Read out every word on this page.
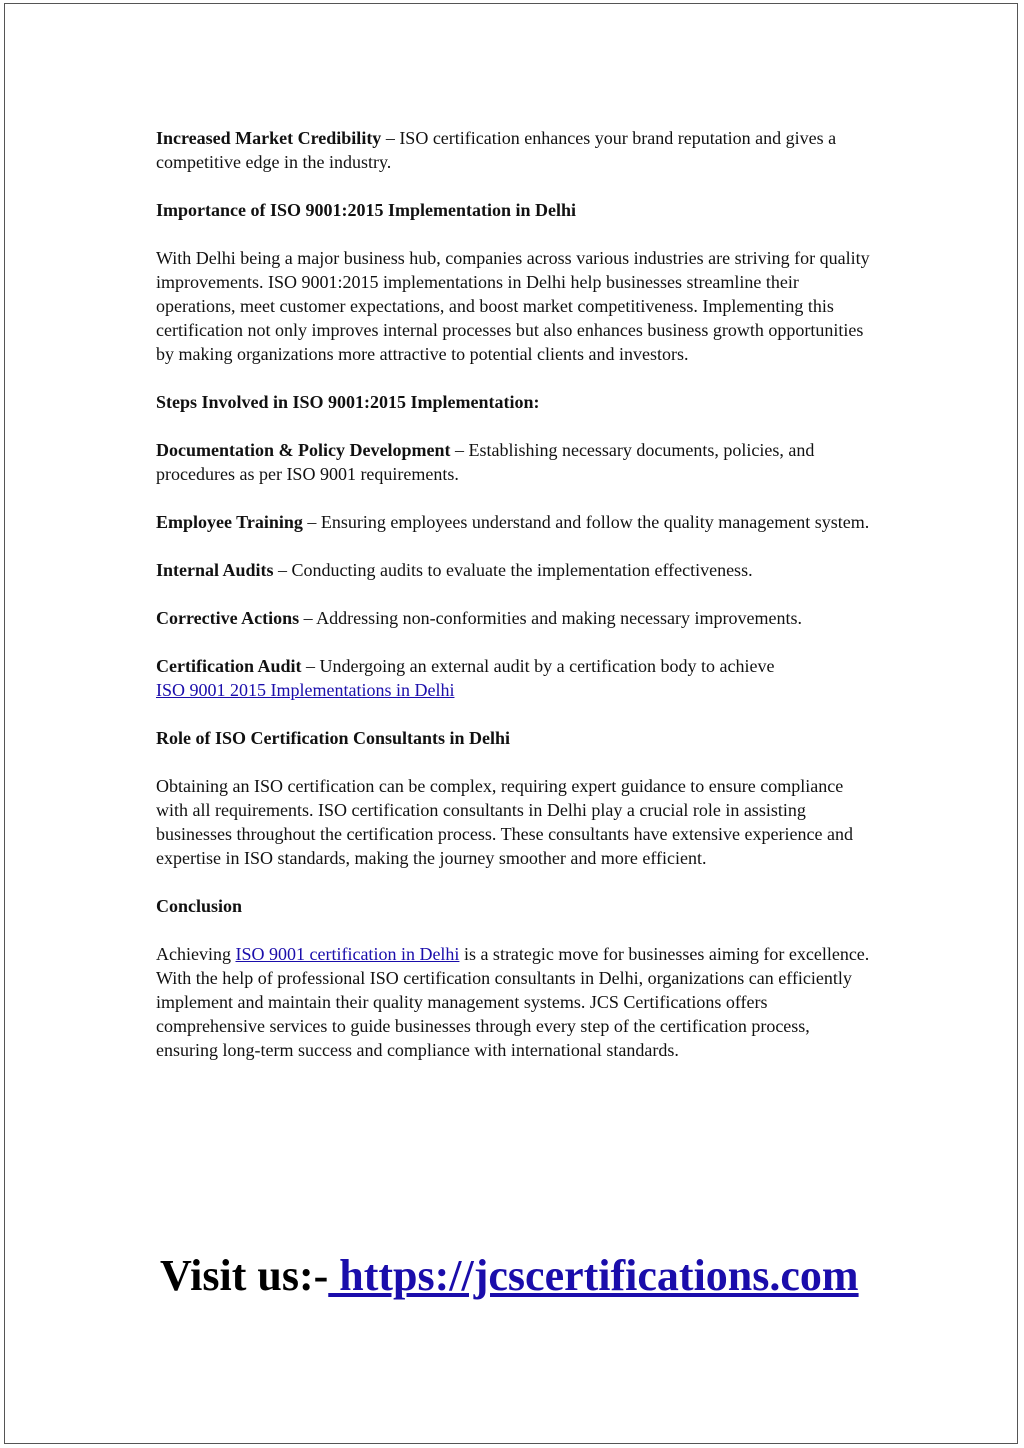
Increased Market Credibility – ISO certification enhances your brand reputation and gives a competitive edge in the industry.

Importance of ISO 9001:2015 Implementation in Delhi

With Delhi being a major business hub, companies across various industries are striving for quality improvements. ISO 9001:2015 implementations in Delhi help businesses streamline their operations, meet customer expectations, and boost market competitiveness. Implementing this certification not only improves internal processes but also enhances business growth opportunities by making organizations more attractive to potential clients and investors.

Steps Involved in ISO 9001:2015 Implementation:

Documentation & Policy Development – Establishing necessary documents, policies, and procedures as per ISO 9001 requirements.

Employee Training – Ensuring employees understand and follow the quality management system.

Internal Audits – Conducting audits to evaluate the implementation effectiveness.

Corrective Actions – Addressing non-conformities and making necessary improvements.

Certification Audit – Undergoing an external audit by a certification body to achieve
ISO 9001 2015 Implementations in Delhi

Role of ISO Certification Consultants in Delhi

Obtaining an ISO certification can be complex, requiring expert guidance to ensure compliance with all requirements. ISO certification consultants in Delhi play a crucial role in assisting businesses throughout the certification process. These consultants have extensive experience and expertise in ISO standards, making the journey smoother and more efficient.

Conclusion

Achieving ISO 9001 certification in Delhi is a strategic move for businesses aiming for excellence. With the help of professional ISO certification consultants in Delhi, organizations can efficiently implement and maintain their quality management systems. JCS Certifications offers comprehensive services to guide businesses through every step of the certification process, ensuring long-term success and compliance with international standards.

Visit us:- https://jcscertifications.com
